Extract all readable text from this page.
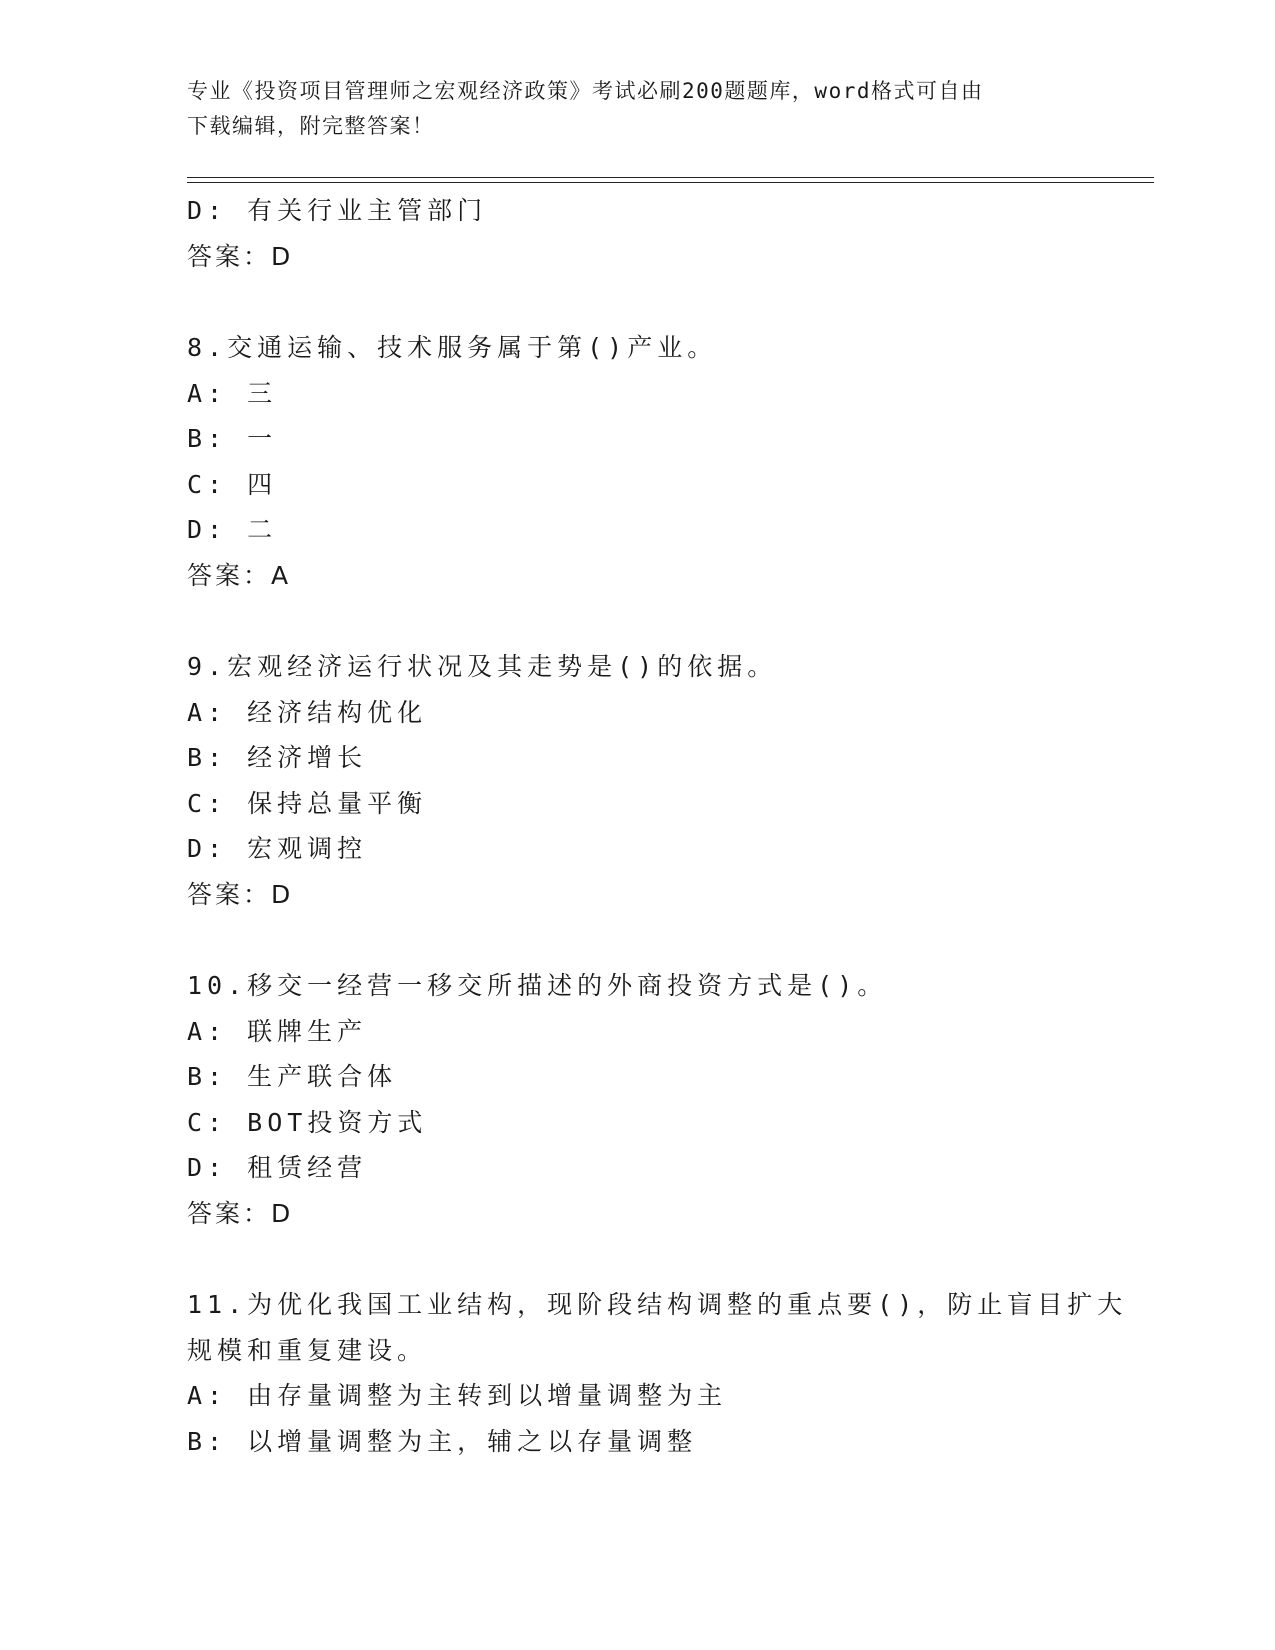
专业《投资项目管理师之宏观经济政策》考试必刷200题题库，word格式可自由
下载编辑，附完整答案！
D: 有关行业主管部门
答案：D
8.交通运输、技术服务属于第()产业。
A: 三
B: 一
C: 四
D: 二
答案：A
9.宏观经济运行状况及其走势是()的依据。
A: 经济结构优化
B: 经济增长
C: 保持总量平衡
D: 宏观调控
答案：D
10.移交一经营一移交所描述的外商投资方式是()。
A: 联牌生产
B: 生产联合体
C: BOT投资方式
D: 租赁经营
答案：D
11.为优化我国工业结构，现阶段结构调整的重点要()，防止盲目扩大
规模和重复建设。
A: 由存量调整为主转到以增量调整为主
B: 以增量调整为主，辅之以存量调整
